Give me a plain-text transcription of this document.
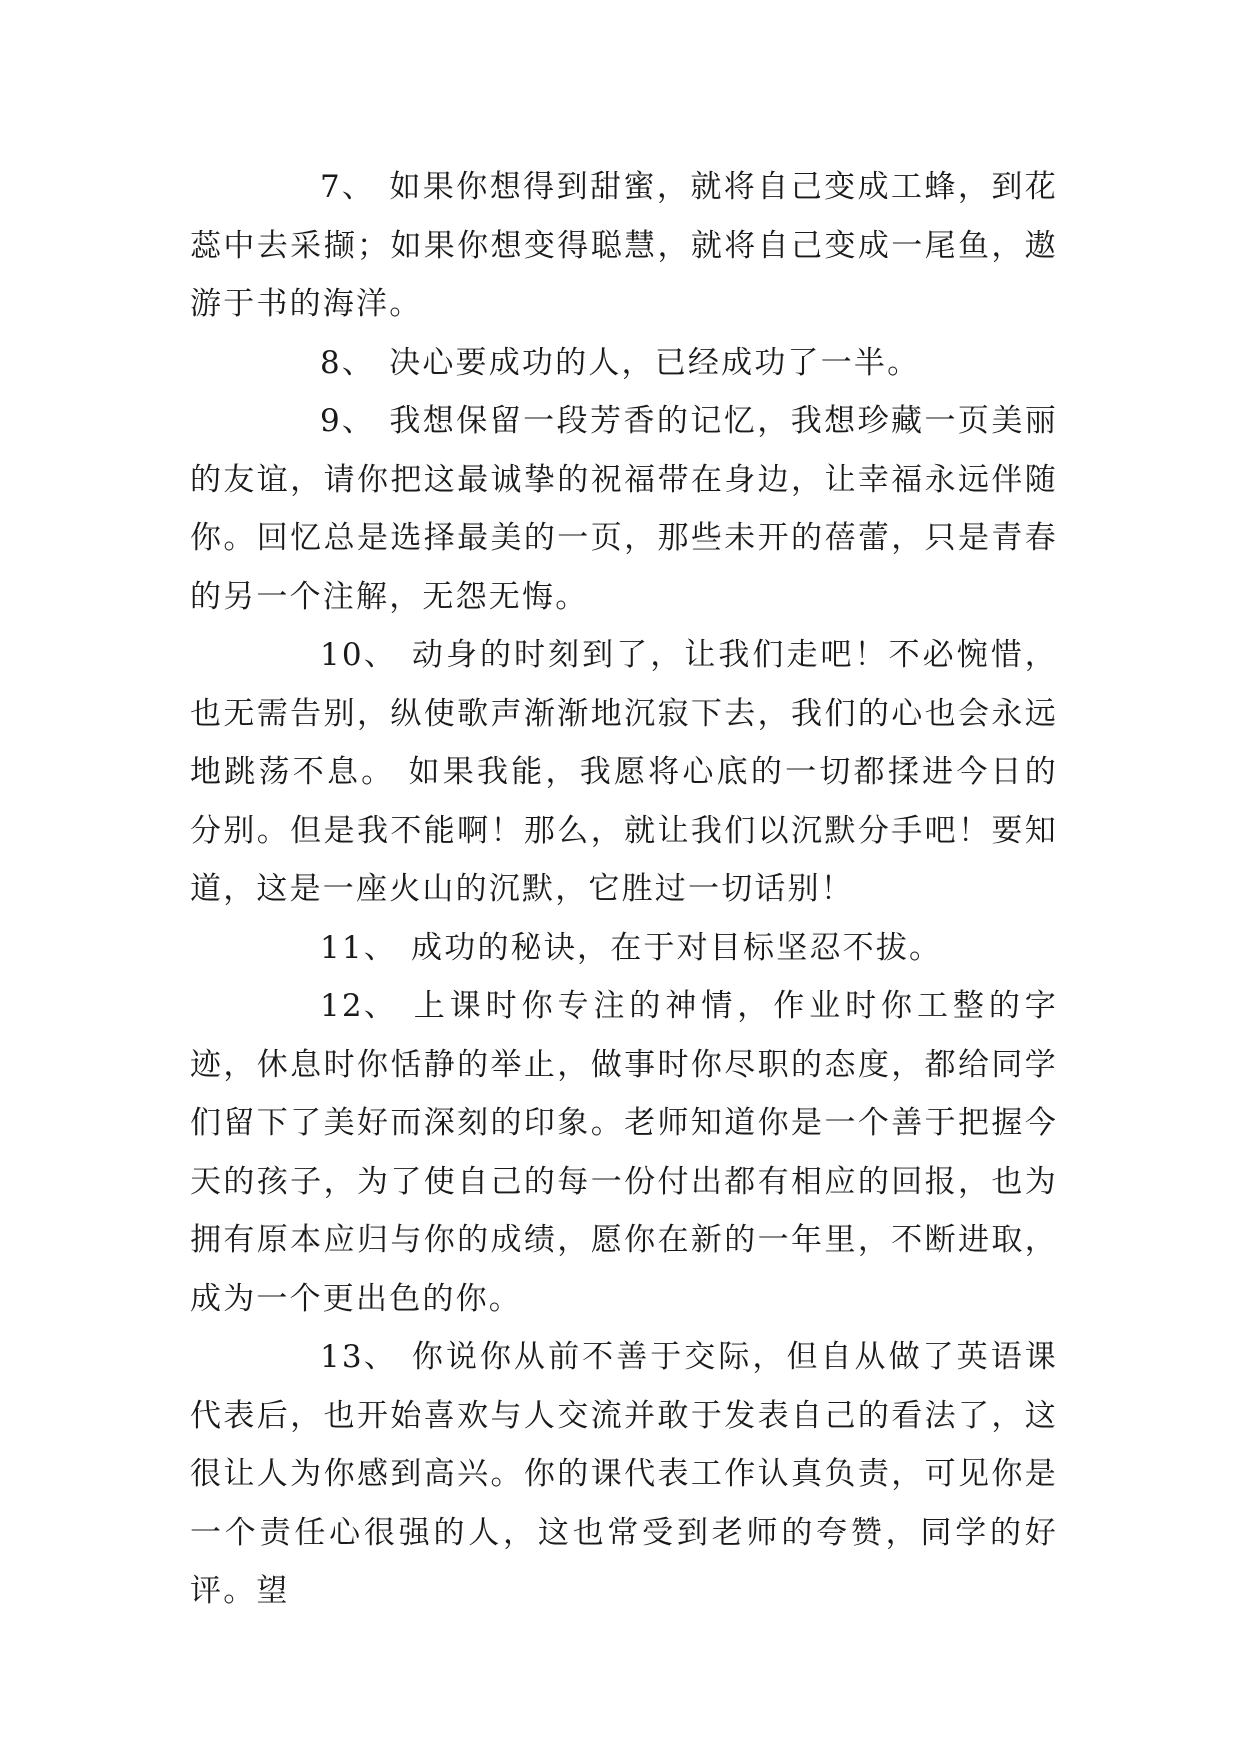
7、 如果你想得到甜蜜，就将自己变成工蜂，到花蕊中去采撷；如果你想变得聪慧，就将自己变成一尾鱼，遨游于书的海洋。

8、 决心要成功的人，已经成功了一半。

9、 我想保留一段芳香的记忆，我想珍藏一页美丽的友谊，请你把这最诚挚的祝福带在身边，让幸福永远伴随你。回忆总是选择最美的一页，那些未开的蓓蕾，只是青春的另一个注解，无怨无悔。

10、 动身的时刻到了，让我们走吧！不必惋惜，也无需告别，纵使歌声渐渐地沉寂下去，我们的心也会永远地跳荡不息。 如果我能，我愿将心底的一切都揉进今日的分别。但是我不能啊！那么，就让我们以沉默分手吧！要知道，这是一座火山的沉默，它胜过一切话别！

11、 成功的秘诀，在于对目标坚忍不拔。

12、 上课时你专注的神情，作业时你工整的字迹，休息时你恬静的举止，做事时你尽职的态度，都给同学们留下了美好而深刻的印象。老师知道你是一个善于把握今天的孩子，为了使自己的每一份付出都有相应的回报，也为拥有原本应归与你的成绩，愿你在新的一年里，不断进取，成为一个更出色的你。

13、 你说你从前不善于交际，但自从做了英语课代表后，也开始喜欢与人交流并敢于发表自己的看法了，这很让人为你感到高兴。你的课代表工作认真负责，可见你是一个责任心很强的人，这也常受到老师的夸赞，同学的好评。望
